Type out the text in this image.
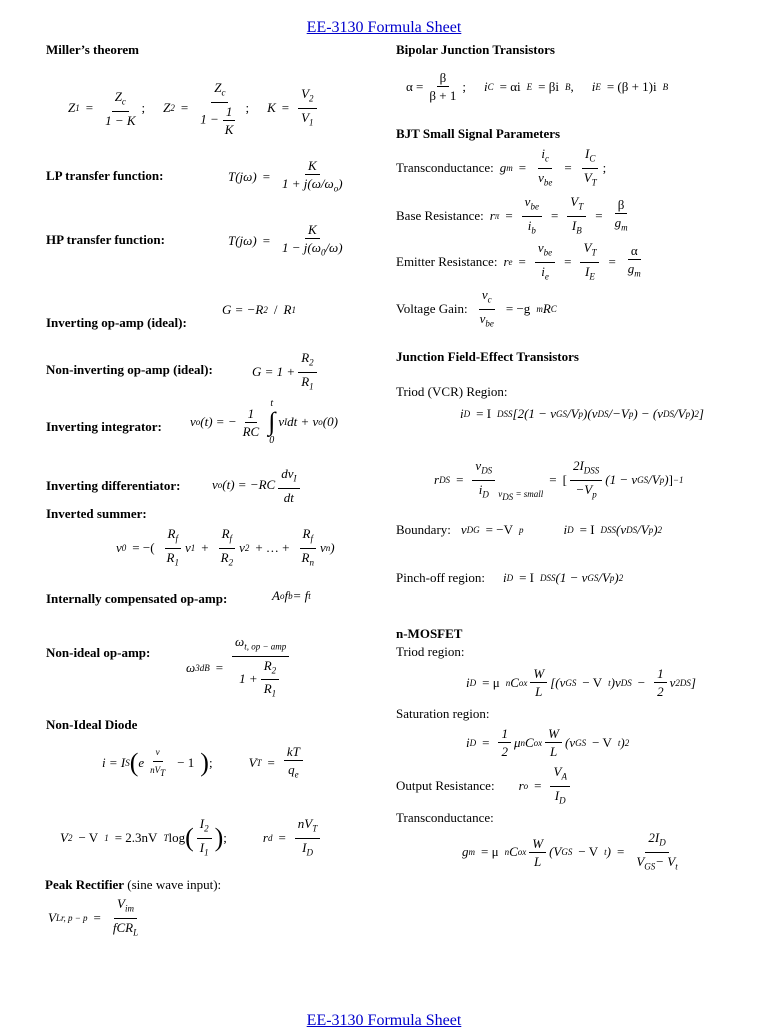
EE-3130 Formula Sheet
Miller’s theorem
Z $1 = \frac{Z_c}{1 - K}$ ; Z $2 = \frac{Z_c}{1 - \frac{1}{K}}$ ; $K = \frac{V_2}{V_1}$
LP transfer function:	$T(j\omega) = \frac{K}{1 + j(\omega/\omega_o)}$
HP transfer function:	$T(j\omega) = \frac{K}{1 - j(\omega_0/\omega)}$
Inverting op-amp (ideal):
G = −R 2 / R 1
Non-inverting op-amp (ideal):	$G = 1 + \frac{R_2}{R_1}$
Inverting integrator: v o (t) = − $\frac{1}{RC}$
t
∫
0
v I dt + v o (0)
Inverting differentiator: v o $(t) = -RC \frac{dv_I}{dt}$
Inverted summer:
v 0 = −( $\frac{R_f}{R_1}$ v $1 + \frac{R_f}{R_2}$ v 2 + … + $\frac{R_f}{R_n}$ v n )
Internally compensated op-amp:	A o f b = f t
Non-ideal op-amp:
ω $3dB = \frac{\omega_{t, op - amp}}{1 + \frac{R_2}{R_1}}$
Non-Ideal Diode
i = I S ( e $\frac{v}{nV_T} - 1$ ) ;	V $T = \frac{kT}{q_e}$
V 2 − V 1 = 2.3nV T log ( $\frac{I_2}{I_1}$ ) ;	r $d = \frac{nV_T}{I_D}$
Peak Rectifier (sine wave input):
V Lr, $p - p = \frac{V_{im}}{fCR_L}$
Bipolar Junction Transistors
$\alpha = \frac{\beta}{\beta + 1}$ ; i C = αi E = βi B , i E = (β + 1)i B
BJT Small Signal Parameters
Transconductance: g $m = \frac{i_c}{v_{be}} = \frac{I_C}{V_T}$ ;
Base Resistance: r $\pi = \frac{v_{be}}{i_b} = \frac{V_T}{I_B} = \frac{\beta}{g_m}$
Emitter Resistance: r $e = \frac{v_{be}}{i_e} = \frac{V_T}{I_E} = \frac{\alpha}{g_m}$
Voltage Gain: $\frac{v_c}{v_{be}} = -g$ m R C
Junction Field-Effect Transistors
Triod (VCR) Region:
i D = I DSS [2(1 − v GS /V p )(v DS /−V p ) − (v DS /V p ) 2 ]
r DS = $\frac{v_{DS}}{i_D} v_{DS}$ = small
= [ $\frac{2I_{DSS}}{-V_p} (1 - v$ GS /V p ) ] −1
Boundary: v DG = −V p	i D = I DSS (v DS /V p ) 2
Pinch-off region: i D = I DSS (1 − v GS /V p ) 2
n-MOSFET
Triod region:
i D = μ n C ox $\frac{W}{L} [(v$ GS − V t )v DS − $\frac{1}{2}$ v 2 DS ]
Saturation region:
i $D = \frac{1}{2}$ μ n C ox $\frac{W}{L} (v$ GS − V t ) 2
Output Resistance: r $o = \frac{V_A}{I_D}$
Transconductance:
g m = μ n C ox $\frac{W}{L} (V$ GS − V t ) = $\frac{2I_D}{V_{GS}- V_t}$
EE-3130 Formula Sheet
